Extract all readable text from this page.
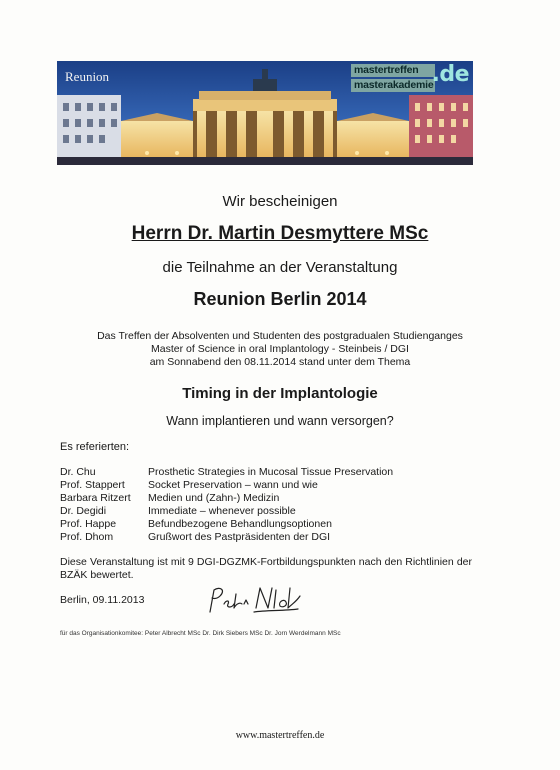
Reunion	mastertreffen
masterakademie
.de
Wir bescheinigen
Herrn Dr. Martin Desmyttere MSc
die Teilnahme an der Veranstaltung
Reunion Berlin 2014
Das Treffen der Absolventen und Studenten des postgradualen Studienganges
Master of Science in oral Implantology - Steinbeis / DGI
am Sonnabend den 08.11.2014 stand unter dem Thema
Timing in der Implantologie
Wann implantieren und wann versorgen?
Es referierten:
Dr. Chu	Prosthetic Strategies in Mucosal Tissue Preservation
Prof. Stappert	Socket Preservation – wann und wie
Barbara Ritzert	Medien und (Zahn-) Medizin
Dr. Degidi	Immediate – whenever possible
Prof. Happe	Befundbezogene Behandlungsoptionen
Prof. Dhom	Grußwort des Pastpräsidenten der DGI
Diese Veranstaltung ist mit 9 DGI-DGZMK-Fortbildungspunkten nach den Richtlinien der BZÄK bewertet.
Berlin, 09.11.2013
für das Organisationkomitee: Peter Albrecht MSc Dr. Dirk Siebers MSc Dr. Jorn Werdelmann MSc
www.mastertreffen.de
